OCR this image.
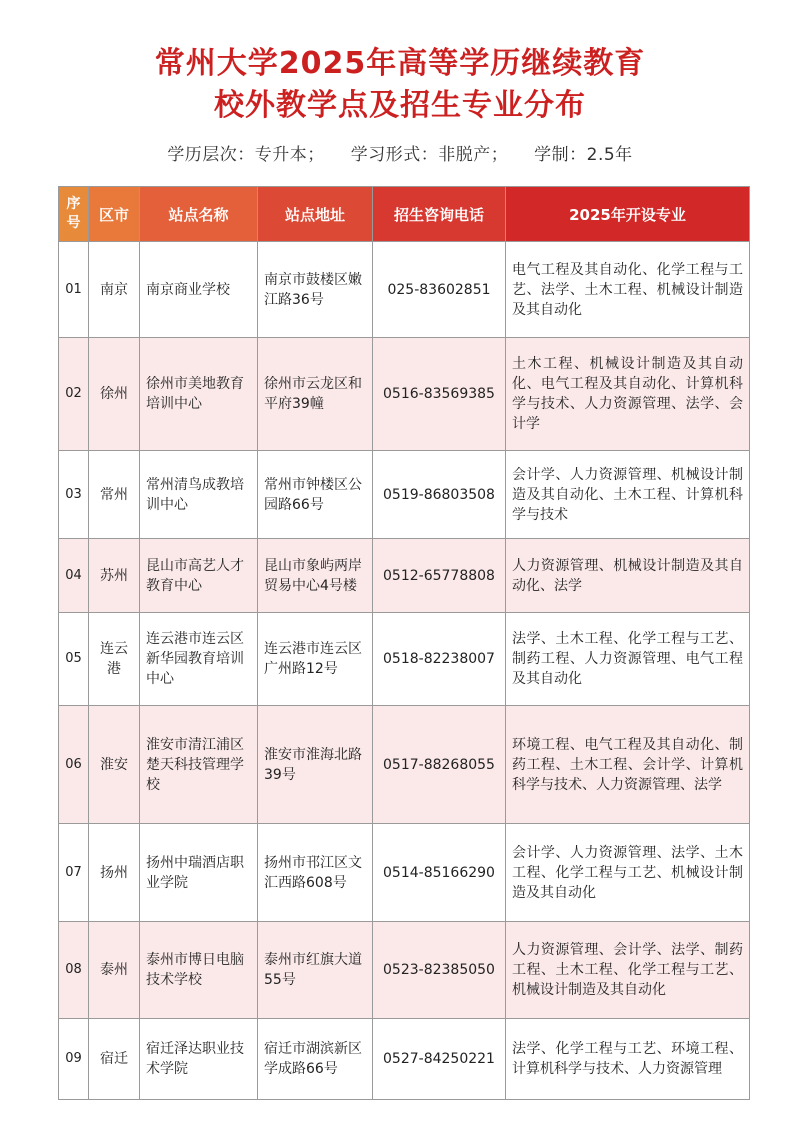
常州大学2025年高等学历继续教育
校外教学点及招生专业分布
学历层次：专升本； 学习形式：非脱产； 学制：2.5年
序号	区市	站点名称	站点地址	招生咨询电话	2025年开设专业
01	南京	南京商业学校	南京市鼓楼区嫩江路36号	025-83602851	电气工程及其自动化、化学工程与工艺、法学、土木工程、机械设计制造及其自动化
02	徐州	徐州市美地教育培训中心	徐州市云龙区和平府39幢	0516-83569385	土木工程、机械设计制造及其自动化、电气工程及其自动化、计算机科学与技术、人力资源管理、法学、会计学
03	常州	常州清鸟成教培训中心	常州市钟楼区公园路66号	0519-86803508	会计学、人力资源管理、机械设计制造及其自动化、土木工程、计算机科学与技术
04	苏州	昆山市高艺人才教育中心	昆山市象屿两岸贸易中心4号楼	0512-65778808	人力资源管理、机械设计制造及其自动化、法学
05	连云港	连云港市连云区新华园教育培训中心	连云港市连云区广州路12号	0518-82238007	法学、土木工程、化学工程与工艺、制药工程、人力资源管理、电气工程及其自动化
06	淮安	淮安市清江浦区楚天科技管理学校	淮安市淮海北路39号	0517-88268055	环境工程、电气工程及其自动化、制药工程、土木工程、会计学、计算机科学与技术、人力资源管理、法学
07	扬州	扬州中瑞酒店职业学院	扬州市邗江区文汇西路608号	0514-85166290	会计学、人力资源管理、法学、土木工程、化学工程与工艺、机械设计制造及其自动化
08	泰州	泰州市博日电脑技术学校	泰州市红旗大道55号	0523-82385050	人力资源管理、会计学、法学、制药工程、土木工程、化学工程与工艺、机械设计制造及其自动化
09	宿迁	宿迁泽达职业技术学院	宿迁市湖滨新区学成路66号	0527-84250221	法学、化学工程与工艺、环境工程、计算机科学与技术、人力资源管理
